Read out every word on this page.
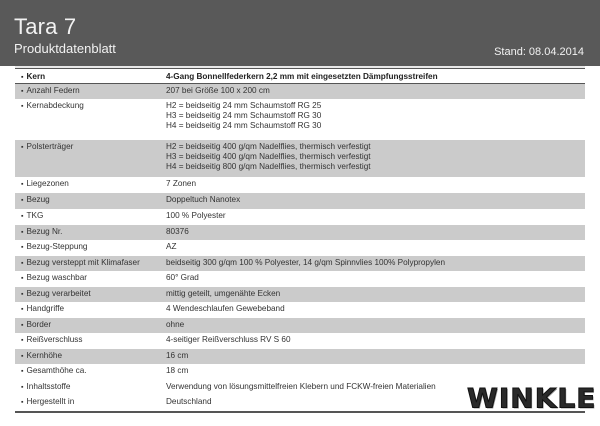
Tara 7
Produktdatenblatt	Stand: 08.04.2014
▪ Kern	4-Gang Bonnellfederkern 2,2 mm mit eingesetzten Dämpfungsstreifen
▪ Anzahl Federn	207 bei Größe 100 x 200 cm
▪ Kernabdeckung	H2 = beidseitig 24 mm Schaumstoff RG 25
H3 = beidseitig 24 mm Schaumstoff RG 30
H4 = beidseitig 24 mm Schaumstoff RG 30
▪ Polsterträger	H2 = beidseitig 400 g/qm Nadelflies, thermisch verfestigt
H3 = beidseitig 400 g/qm Nadelflies, thermisch verfestigt
H4 = beidseitig 800 g/qm Nadelflies, thermisch verfestigt
▪ Liegezonen	7 Zonen
▪ Bezug	Doppeltuch Nanotex
▪ TKG	100 % Polyester
▪ Bezug Nr.	80376
▪ Bezug-Steppung	AZ
▪ Bezug versteppt mit Klimafaser	beidseitig 300 g/qm 100 % Polyester, 14 g/qm Spinnvlies 100% Polypropylen
▪ Bezug waschbar	60° Grad
▪ Bezug verarbeitet	mittig geteilt, umgenähte Ecken
▪ Handgriffe	4 Wendeschlaufen Gewebeband
▪ Border	ohne
▪ Reißverschluss	4-seitiger Reißverschluss RV S 60
▪ Kernhöhe	16 cm
▪ Gesamthöhe ca.	18 cm
▪ Inhaltsstoffe	Verwendung von lösungsmittelfreien Klebern und FCKW-freien Materialien
▪ Hergestellt in	Deutschland	WINKLE
